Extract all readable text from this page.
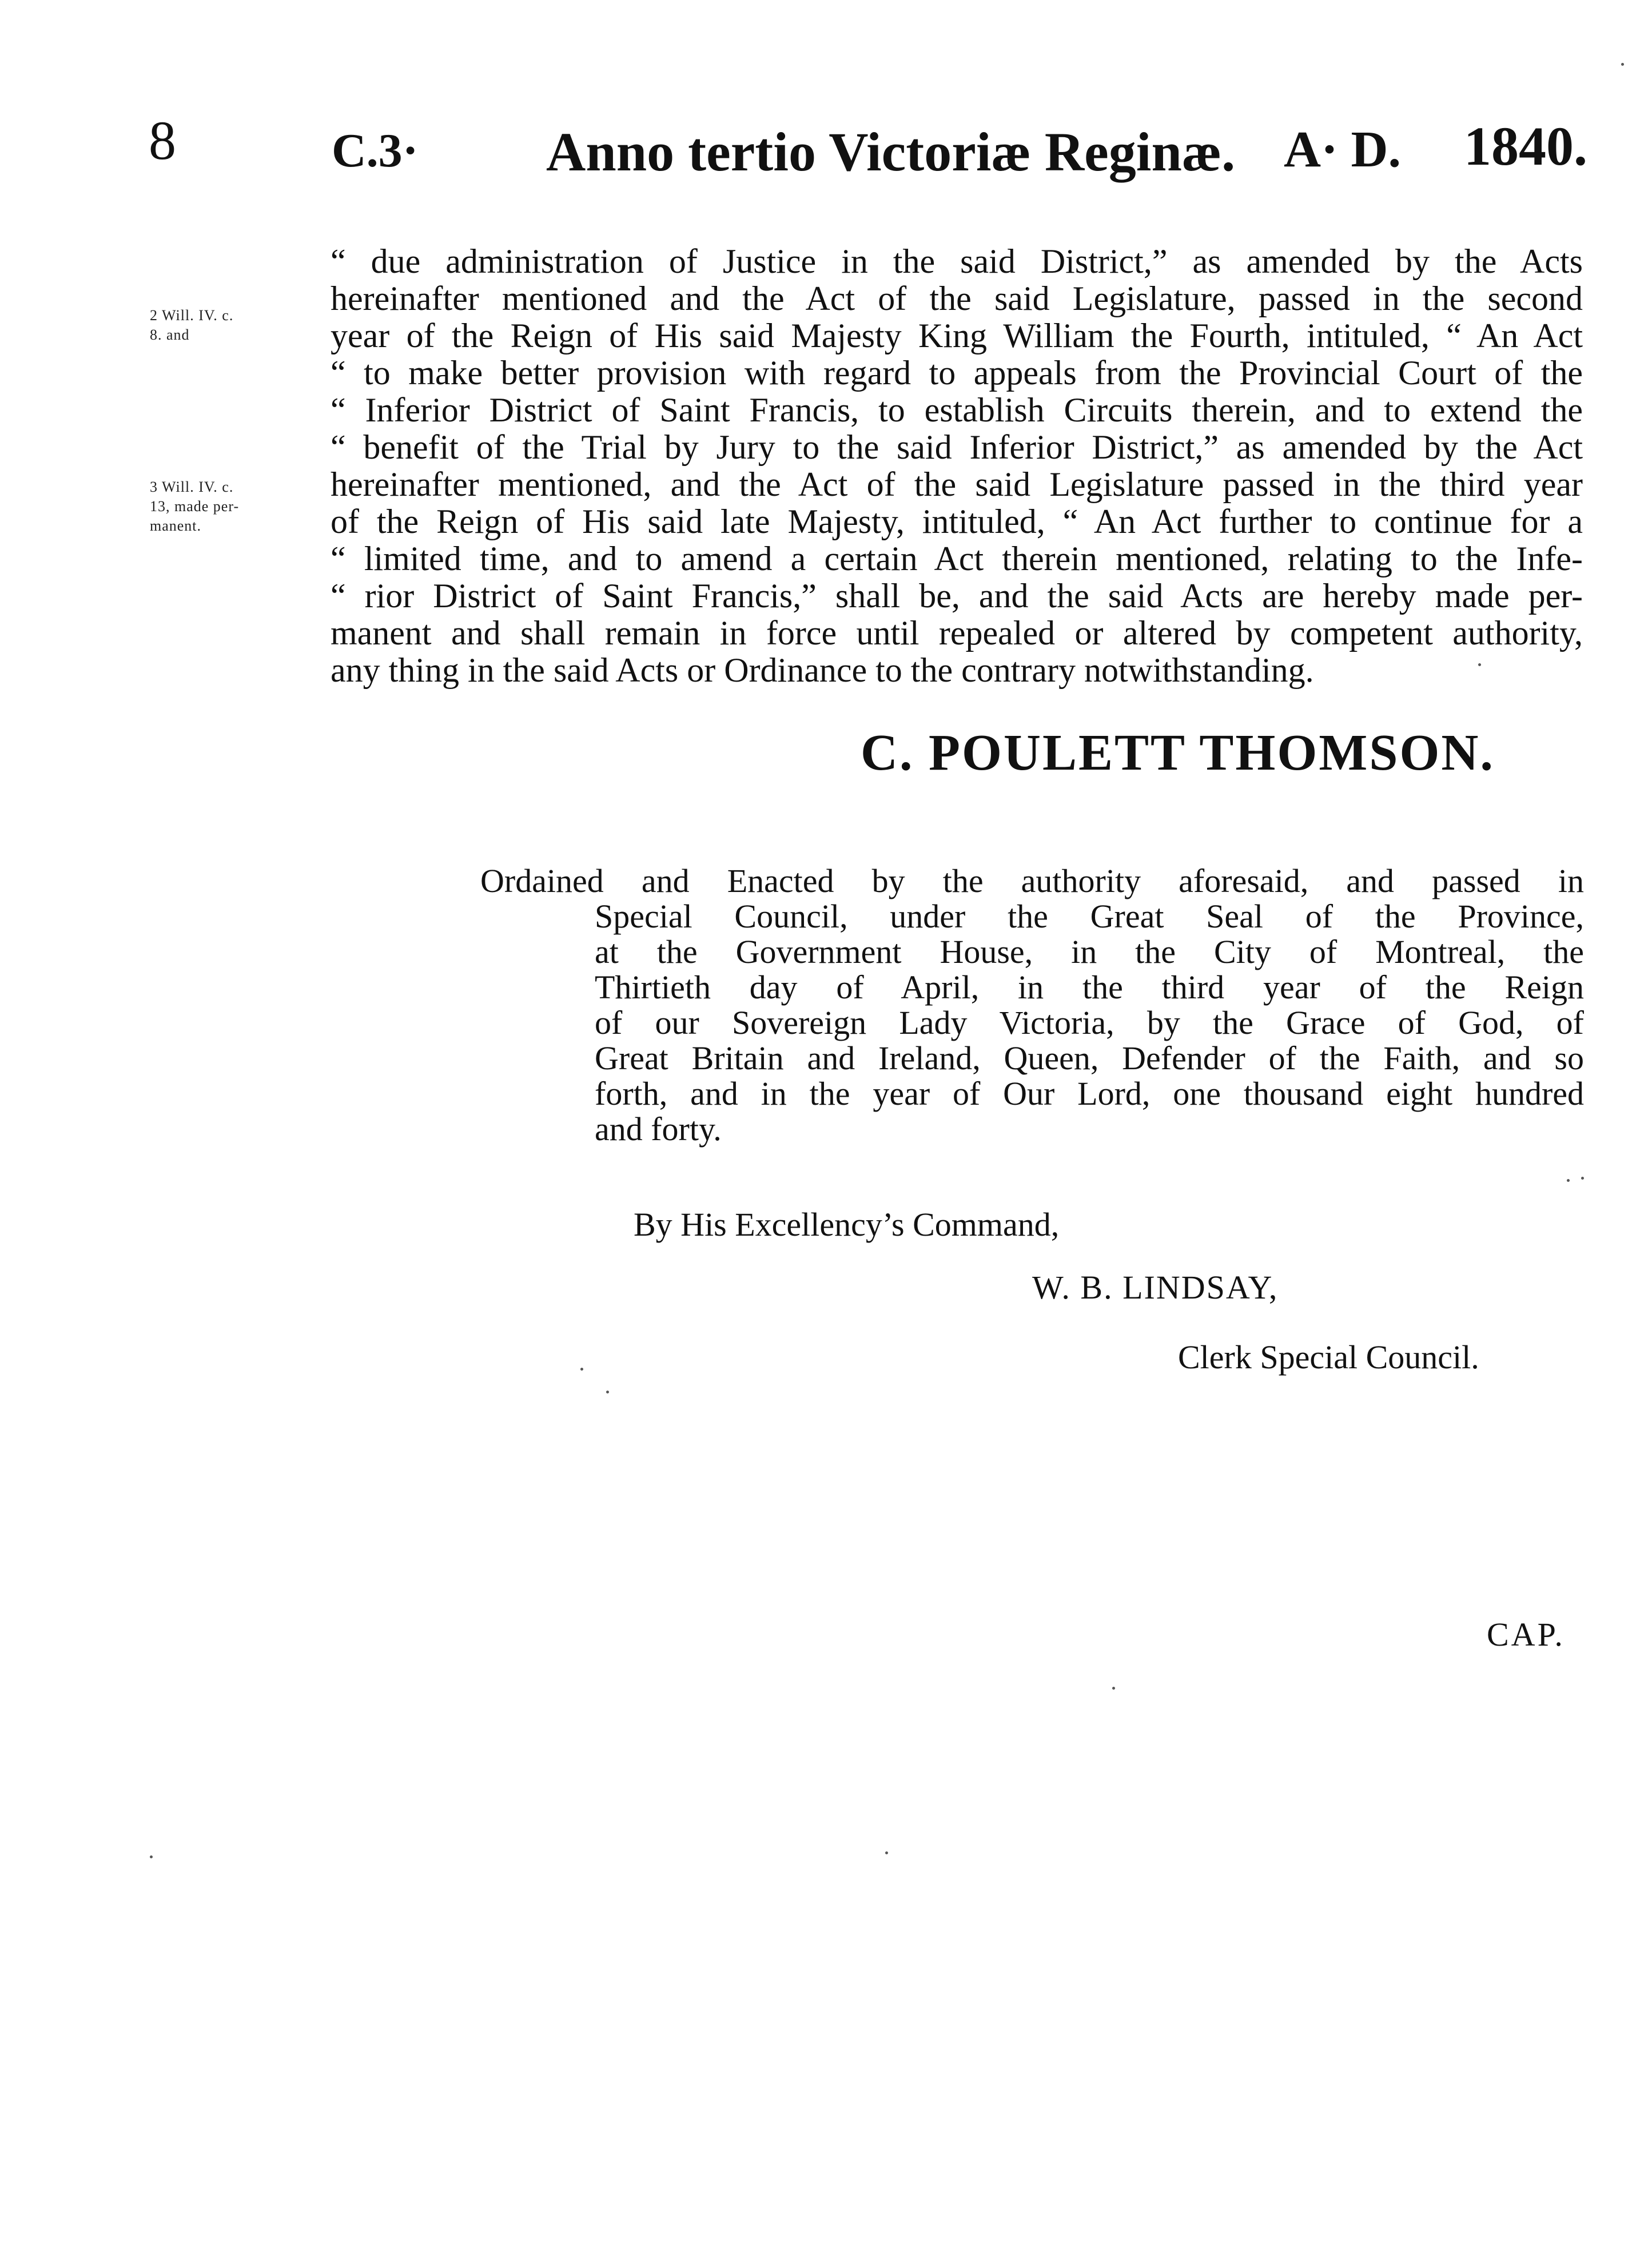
8	C.3· Anno tertio Victoriæ Reginæ. A· D. 1840.
2 Will. IV. c.
8. and
3 Will. IV. c.
13, made per-
manent.
“ due administration of Justice in the said District,” as amended by the Acts
hereinafter mentioned and the Act of the said Legislature, passed in the second
year of the Reign of His said Majesty King William the Fourth, intituled, “ An Act
“ to make better provision with regard to appeals from the Provincial Court of the
“ Inferior District of Saint Francis, to establish Circuits therein, and to extend the
“ benefit of the Trial by Jury to the said Inferior District,” as amended by the Act
hereinafter mentioned, and the Act of the said Legislature passed in the third year
of the Reign of His said late Majesty, intituled, “ An Act further to continue for a
“ limited time, and to amend a certain Act therein mentioned, relating to the Infe-
“ rior District of Saint Francis,” shall be, and the said Acts are hereby made per-
manent and shall remain in force until repealed or altered by competent authority,
any thing in the said Acts or Ordinance to the contrary notwithstanding.
C. POULETT THOMSON.
Ordained and Enacted by the authority aforesaid, and passed in
Special Council, under the Great Seal of the Province,
at the Government House, in the City of Montreal, the
Thirtieth day of April, in the third year of the Reign
of our Sovereign Lady Victoria, by the Grace of God, of
Great Britain and Ireland, Queen, Defender of the Faith, and so
forth, and in the year of Our Lord, one thousand eight hundred
and forty.
By His Excellency’s Command,
W. B. LINDSAY,
Clerk Special Council.
CAP.
